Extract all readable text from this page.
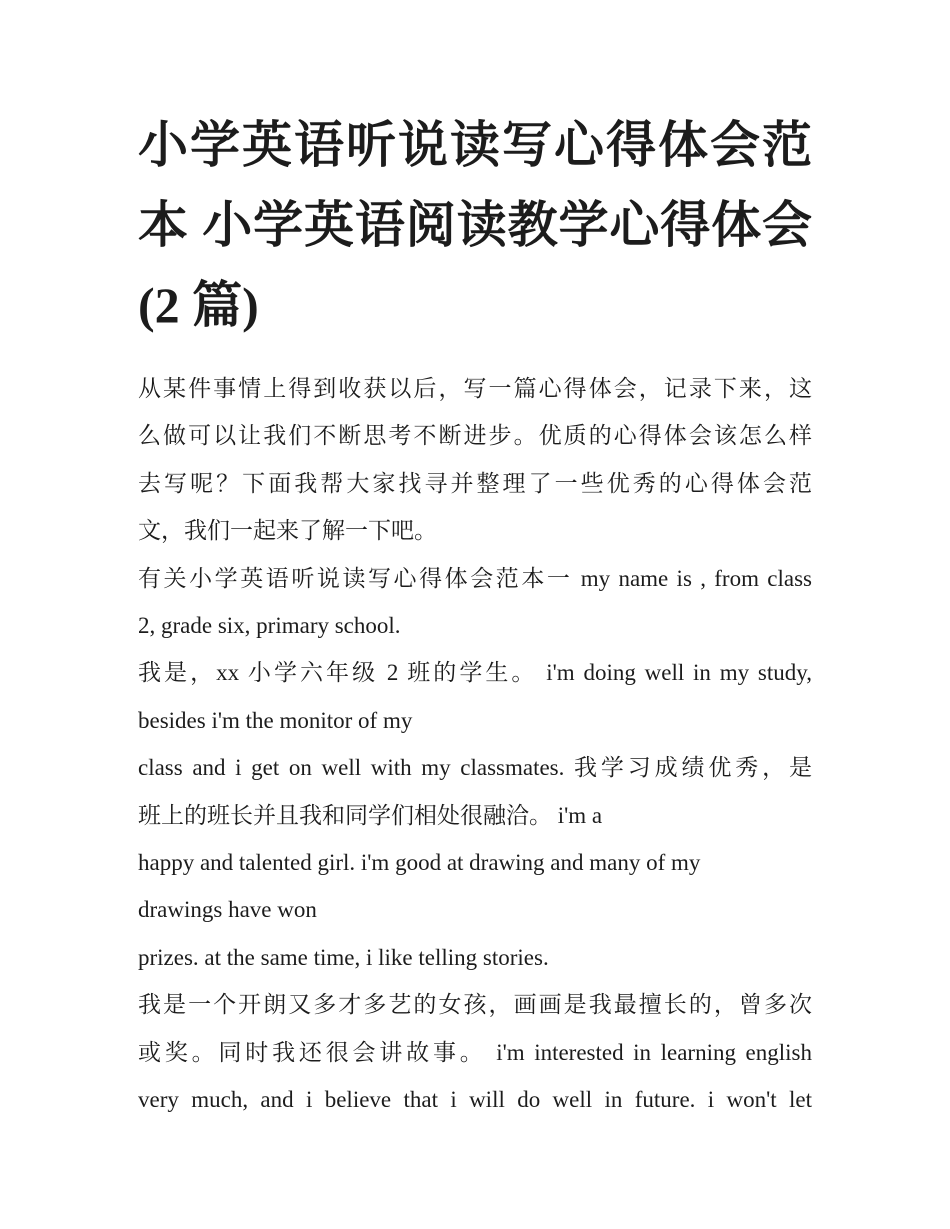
小学英语听说读写心得体会范
本 小学英语阅读教学心得体会
(2 篇)
从某件事情上得到收获以后，写一篇心得体会，记录下来，这
么做可以让我们不断思考不断进步。优质的心得体会该怎么样
去写呢？下面我帮大家找寻并整理了一些优秀的心得体会范
文，我们一起来了解一下吧。
有关小学英语听说读写心得体会范本一 my name is , from class
2, grade six, primary school.
我是，xx 小学六年级 2 班的学生。 i'm doing well in my study,
besides i'm the monitor of my
class and i get on well with my classmates. 我学习成绩优秀，是
班上的班长并且我和同学们相处很融洽。 i'm a
happy and talented girl. i'm good at drawing and many of my
drawings have won
prizes. at the same time, i like telling stories.
我是一个开朗又多才多艺的女孩，画画是我最擅长的，曾多次
或奖。同时我还很会讲故事。 i'm interested in learning english
very much, and i believe that i will do well in future. i won't let
